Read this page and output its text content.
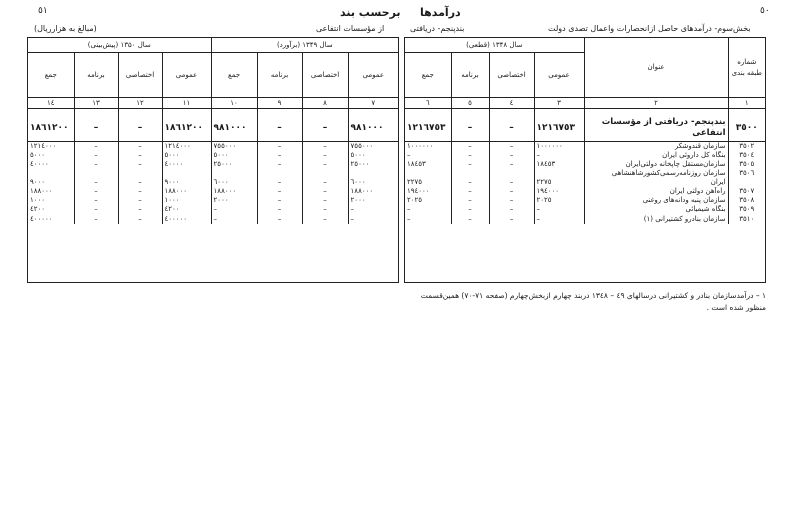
٥٠
٥١	درآمدها
برحسب بند
بخش‌سوم- درآمدهای حاصل ازانحصارات واعمال تصدی دولت
بندپنجم- دریافتی
از مؤسسات انتفاعی
(مبالغ به هزارریال)
سال ۱۳۵۰ (پیش‌بینی)				سال ۱۳۴۹ (برآورد)			
جمع	برنامه	اختصاصی	عمومی	جمع	برنامه	اختصاصی	عمومی
١٤	١٣	١٢	١١	١٠	٩	٨	٧

١٨٦١٢٠٠	–	–	١٨٦١٢٠٠	٩٨١٠٠٠	–	–	٩٨١٠٠٠
١٢١٤٠٠٠	–	–	١٢١٤٠٠٠	٧٥٥٠٠٠	–	–	٧٥٥٠٠٠
٥٠٠٠	–	–	٥٠٠٠	٥٠٠٠	–	–	٥٠٠٠
٤٠٠٠٠	–	–	٤٠٠٠٠	٢٥٠٠٠	–	–	٢٥٠٠٠

٩٠٠٠	–	–	٩٠٠٠	٦٠٠٠	–	–	٦٠٠٠
١٨٨٠٠٠	–	–	١٨٨٠٠٠	١٨٨٠٠٠	–	–	١٨٨٠٠٠
١٠٠٠	–	–	١٠٠٠	٢٠٠٠	–	–	٢٠٠٠
٤٢٠٠	–	–	٤٢٠٠	–	–	–	–
٤٠٠٠٠٠	–	–	٤٠٠٠٠٠	–	–	–	–
سال ۱۳۴۸ (قطعی)				عنوان	شماره طبقه بندی
جمع	برنامه	اختصاصی	عمومی		
٦	٥	٤	٣	٢	١

١٢١٦٧٥٣	–	–	١٢١٦٧٥٣	بندپنجم- دریافتی از مؤسسات انتفاعی	٣٥٠٠
١٠٠٠٠٠٠	–	–	١٠٠٠٠٠٠	سازمان قندوشکر	٣٥٠٢
–	–	–	–	بنگاه کل داروئی ایران	٣٥٠٤
١٨٤٥٣	–	–	١٨٤٥٣	سازمان‌مستقل چاپخانه دولتی‌ایران	٣٥٠٥
				سازمان روزنامه‌رسمی‌کشورشاهنشاهی	٣٥٠٦
٢٢٧٥	–	–	٢٢٧٥	ایران	
١٩٤٠٠٠	–	–	١٩٤٠٠٠	راه‌آهن دولتی ایران	٣٥٠٧
٢٠٢٥	–	–	٢٠٢٥	سازمان پنبه ودانه‌های روغنی	٣٥٠٨
–	–	–	–	بنگاه شیمیائی	٣٥٠٩
–	–	–	–	سازمان بنادرو کشتیرانی (١)	٣٥١٠
١ – درآمدسازمان بنادر و کشتیرانی درسالهای ٤٩ – ١٣٤٨ دربند چهارم ازبخش‌چهارم (صفحه ٧١-٧٠) همین‌قسمت منظور شده است .
